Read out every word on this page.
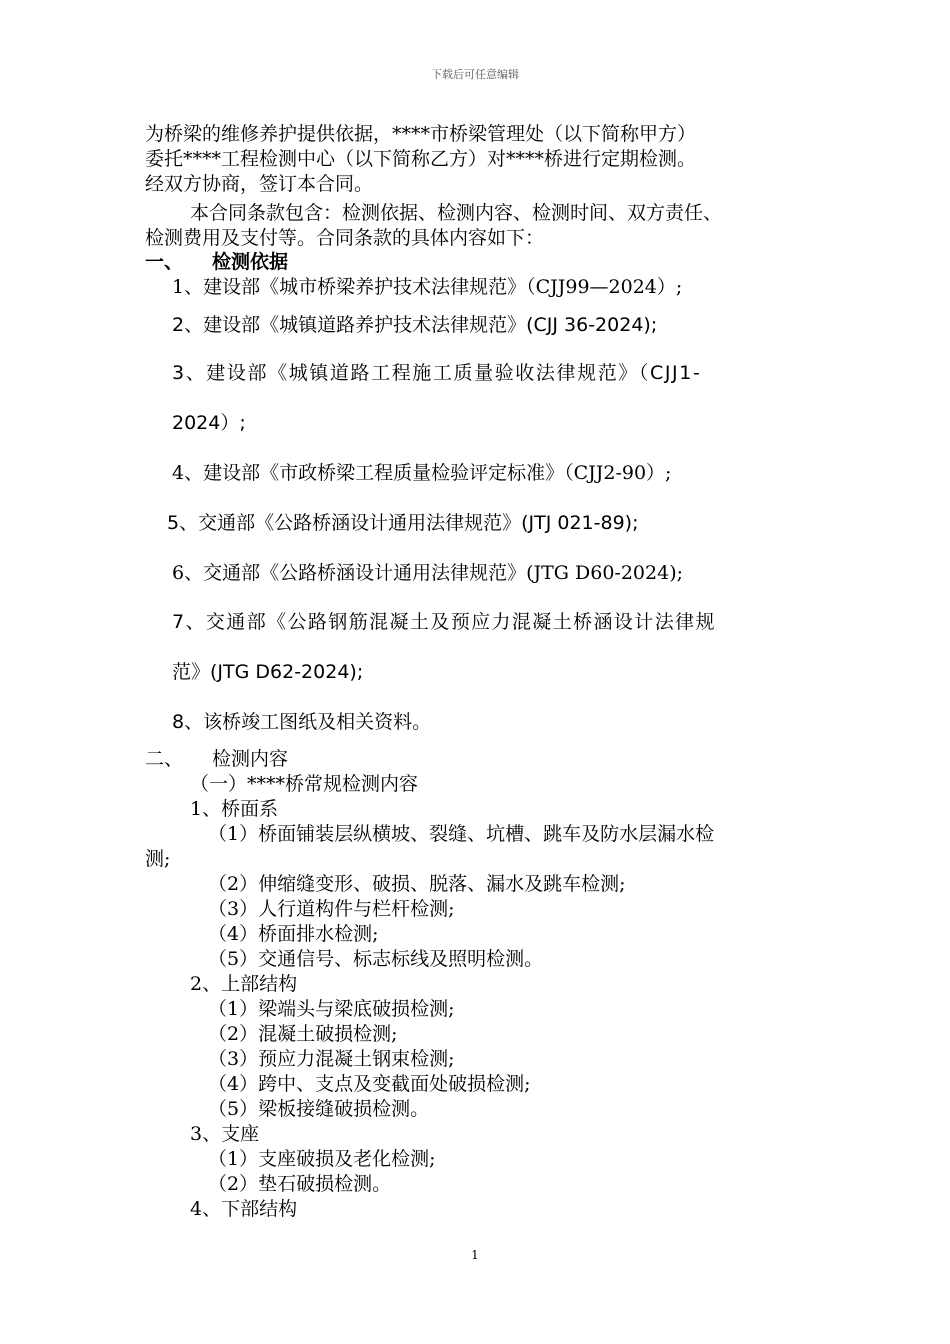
下载后可任意编辑
为桥梁的维修养护提供依据，****市桥梁管理处（以下简称甲方）
委托****工程检测中心（以下简称乙方）对****桥进行定期检测。
经双方协商，签订本合同。
本合同条款包含：检测依据、检测内容、检测时间、双方责任、
检测费用及支付等。合同条款的具体内容如下：
一、 检测依据
1、建设部《城市桥梁养护技术法律规范》（CJJ99—2024）;
2、建设部《城镇道路养护技术法律规范》(CJJ 36-2024);
3、建设部《城镇道路工程施工质量验收法律规范》（CJJ1-
2024）;
4、建设部《市政桥梁工程质量检验评定标准》（CJJ2-90）;
5、交通部《公路桥涵设计通用法律规范》(JTJ 021-89);
6、交通部《公路桥涵设计通用法律规范》(JTG D60-2024);
7、交通部《公路钢筋混凝土及预应力混凝土桥涵设计法律规
范》(JTG D62-2024);
8、该桥竣工图纸及相关资料。
二、 检测内容
（一）****桥常规检测内容
1、桥面系
（1）桥面铺装层纵横坡、裂缝、坑槽、跳车及防水层漏水检
测;
（2）伸缩缝变形、破损、脱落、漏水及跳车检测;
（3）人行道构件与栏杆检测;
（4）桥面排水检测;
（5）交通信号、标志标线及照明检测。
2、上部结构
（1）梁端头与梁底破损检测;
（2）混凝土破损检测;
（3）预应力混凝土钢束检测;
（4）跨中、支点及变截面处破损检测;
（5）梁板接缝破损检测。
3、支座
（1）支座破损及老化检测;
（2）垫石破损检测。
4、下部结构
1
